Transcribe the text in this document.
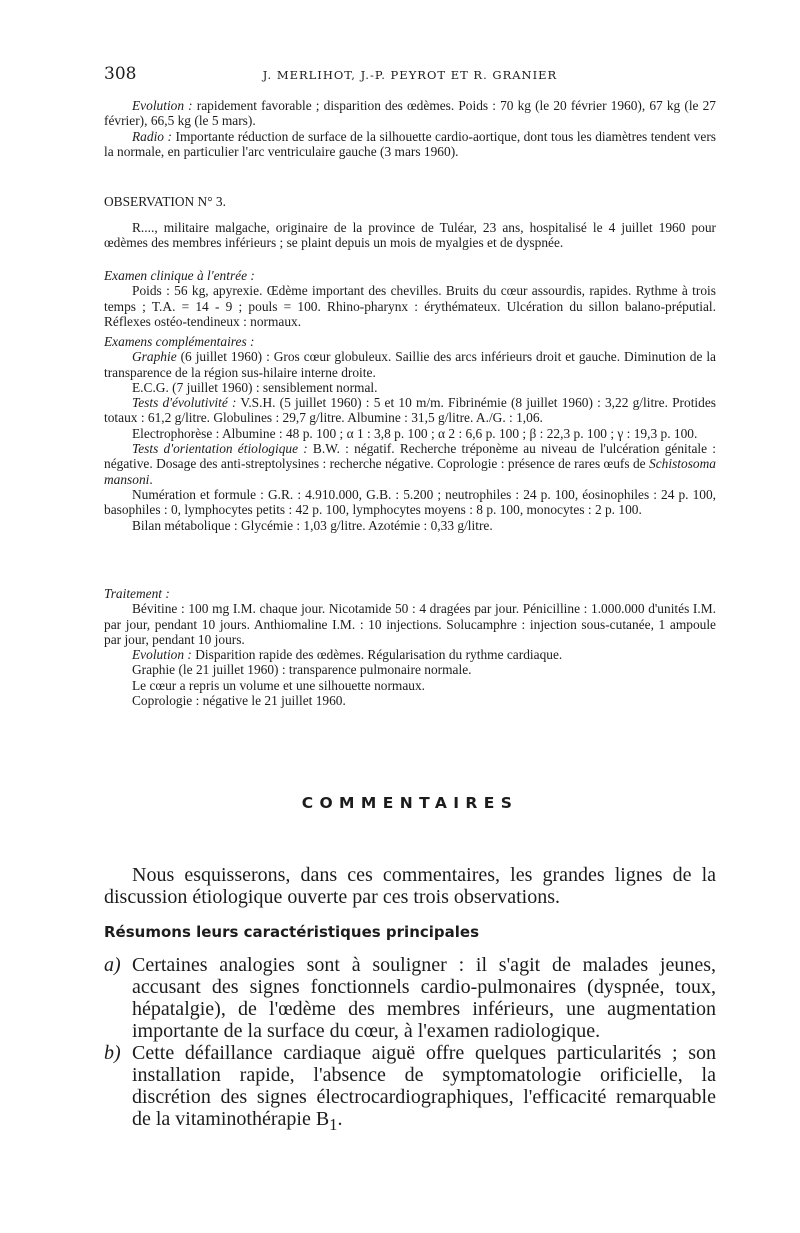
308	J. MERLIHOT, J.-P. PEYROT ET R. GRANIER

Evolution : rapidement favorable ; disparition des œdèmes. Poids : 70 kg (le 20 février 1960), 67 kg (le 27 février), 66,5 kg (le 5 mars).

Radio : Importante réduction de surface de la silhouette cardio-aortique, dont tous les diamètres tendent vers la normale, en particulier l'arc ventriculaire gauche (3 mars 1960).

OBSERVATION N° 3.

R...., militaire malgache, originaire de la province de Tuléar, 23 ans, hospitalisé le 4 juillet 1960 pour œdèmes des membres inférieurs ; se plaint depuis un mois de myalgies et de dyspnée.

Examen clinique à l'entrée :

Poids : 56 kg, apyrexie. Œdème important des chevilles. Bruits du cœur assourdis, rapides. Rythme à trois temps ; T.A. = 14 - 9 ; pouls = 100. Rhino-pharynx : érythémateux. Ulcération du sillon balano-préputial. Réflexes ostéo-tendineux : normaux.

Examens complémentaires :

Graphie (6 juillet 1960) : Gros cœur globuleux. Saillie des arcs inférieurs droit et gauche. Diminution de la transparence de la région sus-hilaire interne droite.

E.C.G. (7 juillet 1960) : sensiblement normal.

Tests d'évolutivité : V.S.H. (5 juillet 1960) : 5 et 10 m/m. Fibrinémie (8 juillet 1960) : 3,22 g/litre. Protides totaux : 61,2 g/litre. Globulines : 29,7 g/litre. Albumine : 31,5 g/litre. A./G. : 1,06.

Electrophorèse : Albumine : 48 p. 100 ; α 1 : 3,8 p. 100 ; α 2 : 6,6 p. 100 ; β : 22,3 p. 100 ; γ : 19,3 p. 100.

Tests d'orientation étiologique : B.W. : négatif. Recherche tréponème au niveau de l'ulcération génitale : négative. Dosage des anti-streptolysines : recherche négative. Coprologie : présence de rares œufs de Schistosoma mansoni.

Numération et formule : G.R. : 4.910.000, G.B. : 5.200 ; neutrophiles : 24 p. 100, éosinophiles : 24 p. 100, basophiles : 0, lymphocytes petits : 42 p. 100, lymphocytes moyens : 8 p. 100, monocytes : 2 p. 100.

Bilan métabolique : Glycémie : 1,03 g/litre. Azotémie : 0,33 g/litre.

Traitement :

Bévitine : 100 mg I.M. chaque jour. Nicotamide 50 : 4 dragées par jour. Pénicilline : 1.000.000 d'unités I.M. par jour, pendant 10 jours. Anthiomaline I.M. : 10 injections. Solucamphre : injection sous-cutanée, 1 ampoule par jour, pendant 10 jours.

Evolution : Disparition rapide des œdèmes. Régularisation du rythme cardiaque.

Graphie (le 21 juillet 1960) : transparence pulmonaire normale.

Le cœur a repris un volume et une silhouette normaux.

Coprologie : négative le 21 juillet 1960.

COMMENTAIRES

Nous esquisserons, dans ces commentaires, les grandes lignes de la discussion étiologique ouverte par ces trois observations.

Résumons leurs caractéristiques principales
a) Certaines analogies sont à souligner : il s'agit de malades jeunes, accusant des signes fonctionnels cardio-pulmonaires (dyspnée, toux, hépatalgie), de l'œdème des membres inférieurs, une augmentation importante de la surface du cœur, à l'examen radiologique.
b) Cette défaillance cardiaque aiguë offre quelques particularités ; son installation rapide, l'absence de symptomatologie orificielle, la discrétion des signes électrocardiographiques, l'efficacité remarquable de la vitaminothérapie $B_1$.
